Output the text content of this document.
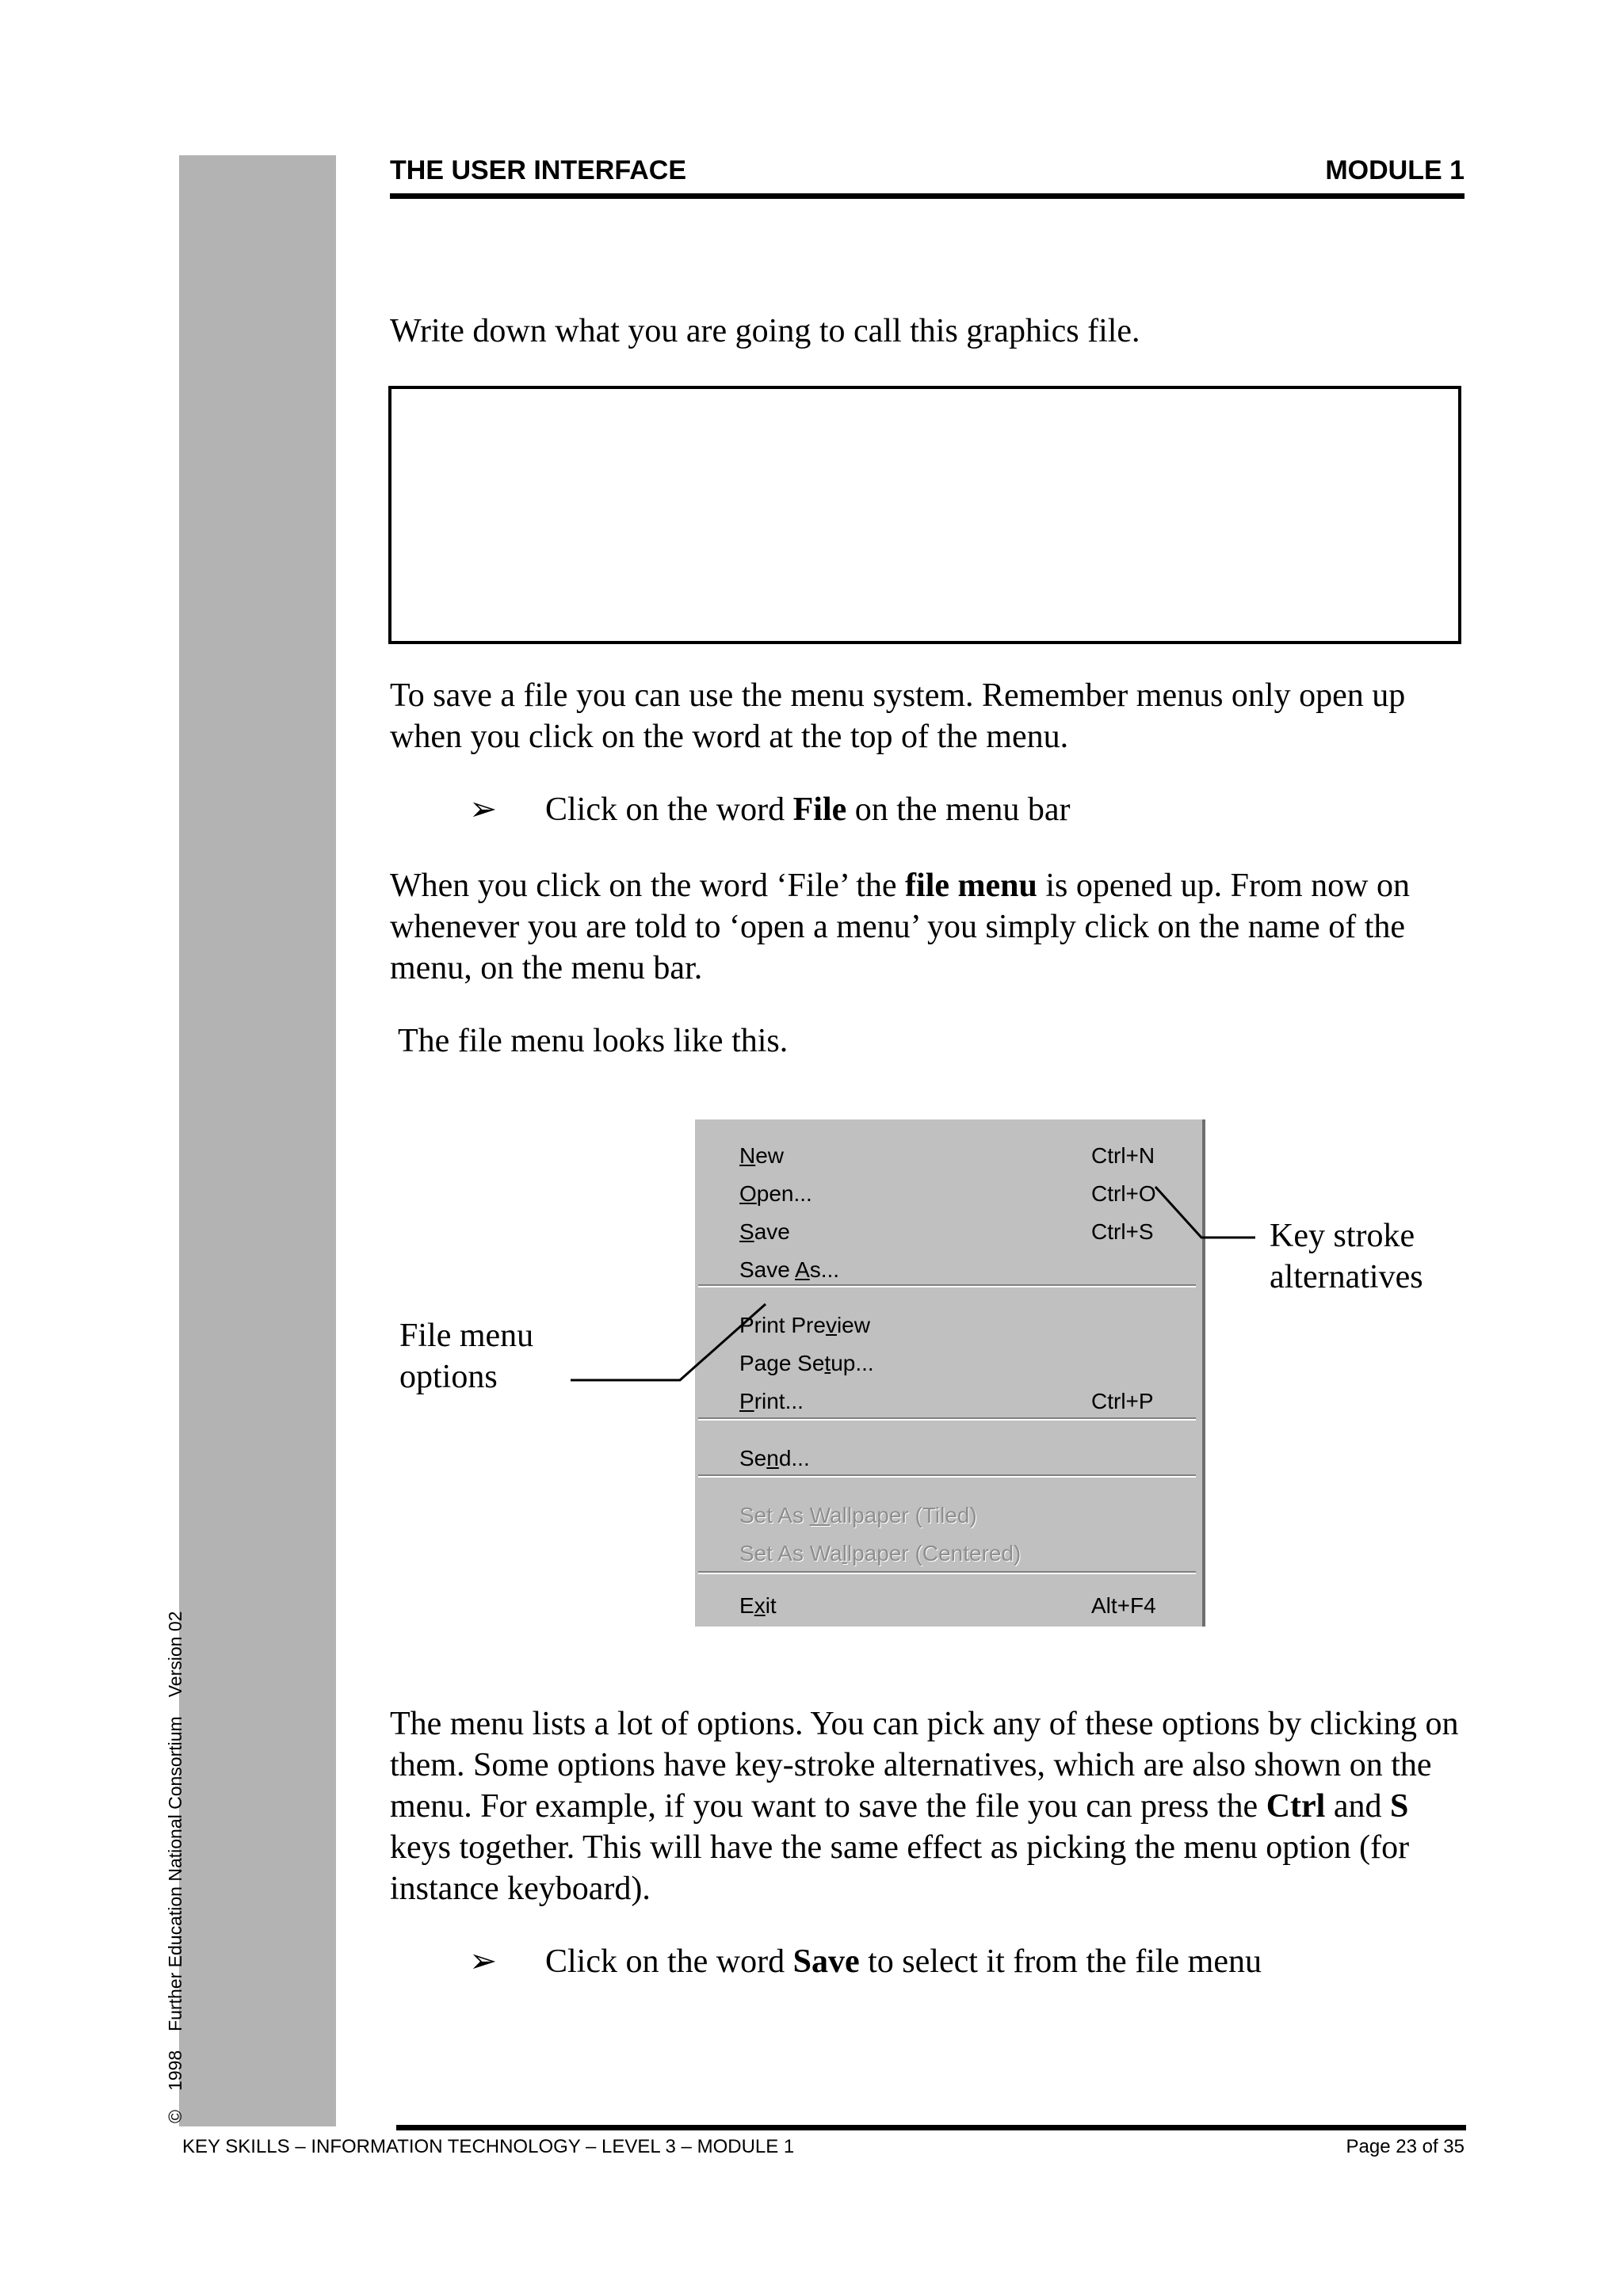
©1998Further Education National ConsortiumVersion 02
THE USER INTERFACE	MODULE 1
Write down what you are going to call this graphics file.
To save a file you can use the menu system. Remember menus only open up when you click on the word at the top of the menu.
➢ Click on the word File on the menu bar
When you click on the word ‘File’ the file menu is opened up. From now on whenever you are told to ‘open a menu’ you simply click on the name of the menu, on the menu bar.
The file menu looks like this.
New	Ctrl+N
Open...	Ctrl+O
Save	Ctrl+S
Save As...
Print Preview
Page Setup...
Print...	Ctrl+P
Send...
Set As Wallpaper (Tiled)
Set As Wallpaper (Centered)
Exit	Alt+F4
Key stroke alternatives
File menu options
The menu lists a lot of options. You can pick any of these options by clicking on them. Some options have key-stroke alternatives, which are also shown on the menu. For example, if you want to save the file you can press the Ctrl and S keys together. This will have the same effect as picking the menu option (for instance keyboard).
➢ Click on the word Save to select it from the file menu
KEY SKILLS – INFORMATION TECHNOLOGY – LEVEL 3 – MODULE 1	Page 23 of 35
